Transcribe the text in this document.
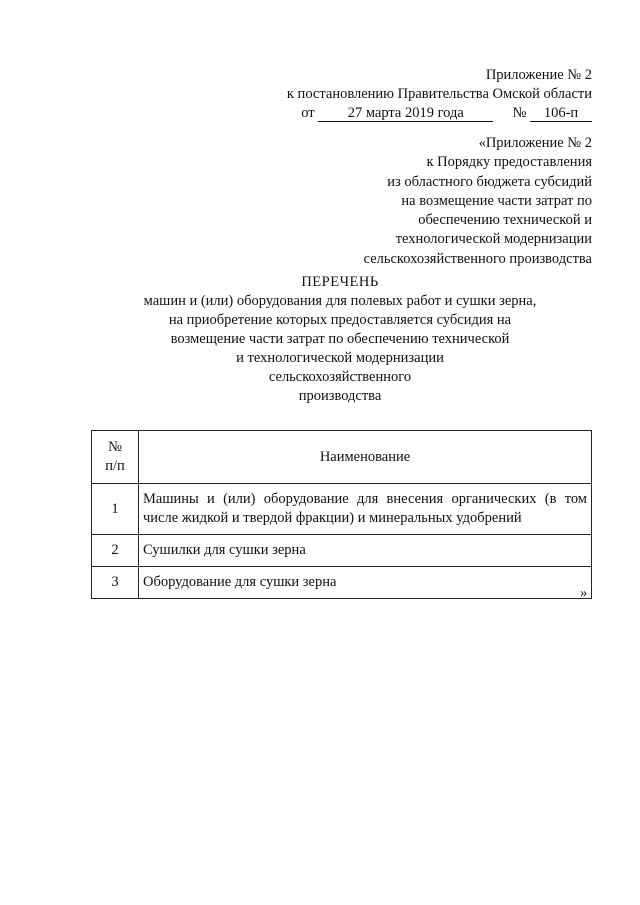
Приложение № 2
к постановлению Правительства Омской области
от 27 марта 2019 года	№ 106-п
«Приложение № 2
к Порядку предоставления
из областного бюджета субсидий
на возмещение части затрат по
обеспечению технической и
технологической модернизации
сельскохозяйственного производства
ПЕРЕЧЕНЬ
машин и (или) оборудования для полевых работ и сушки зерна,
на приобретение которых предоставляется субсидия на
возмещение части затрат по обеспечению технической
и технологической модернизации
сельскохозяйственного
производства
№
п/п	Наименование
1	Машины и (или) оборудование для внесения органических (в том числе жидкой и твердой фракции) и минеральных удобрений
2	Сушилки для сушки зерна
3	Оборудование для сушки зерна
»
